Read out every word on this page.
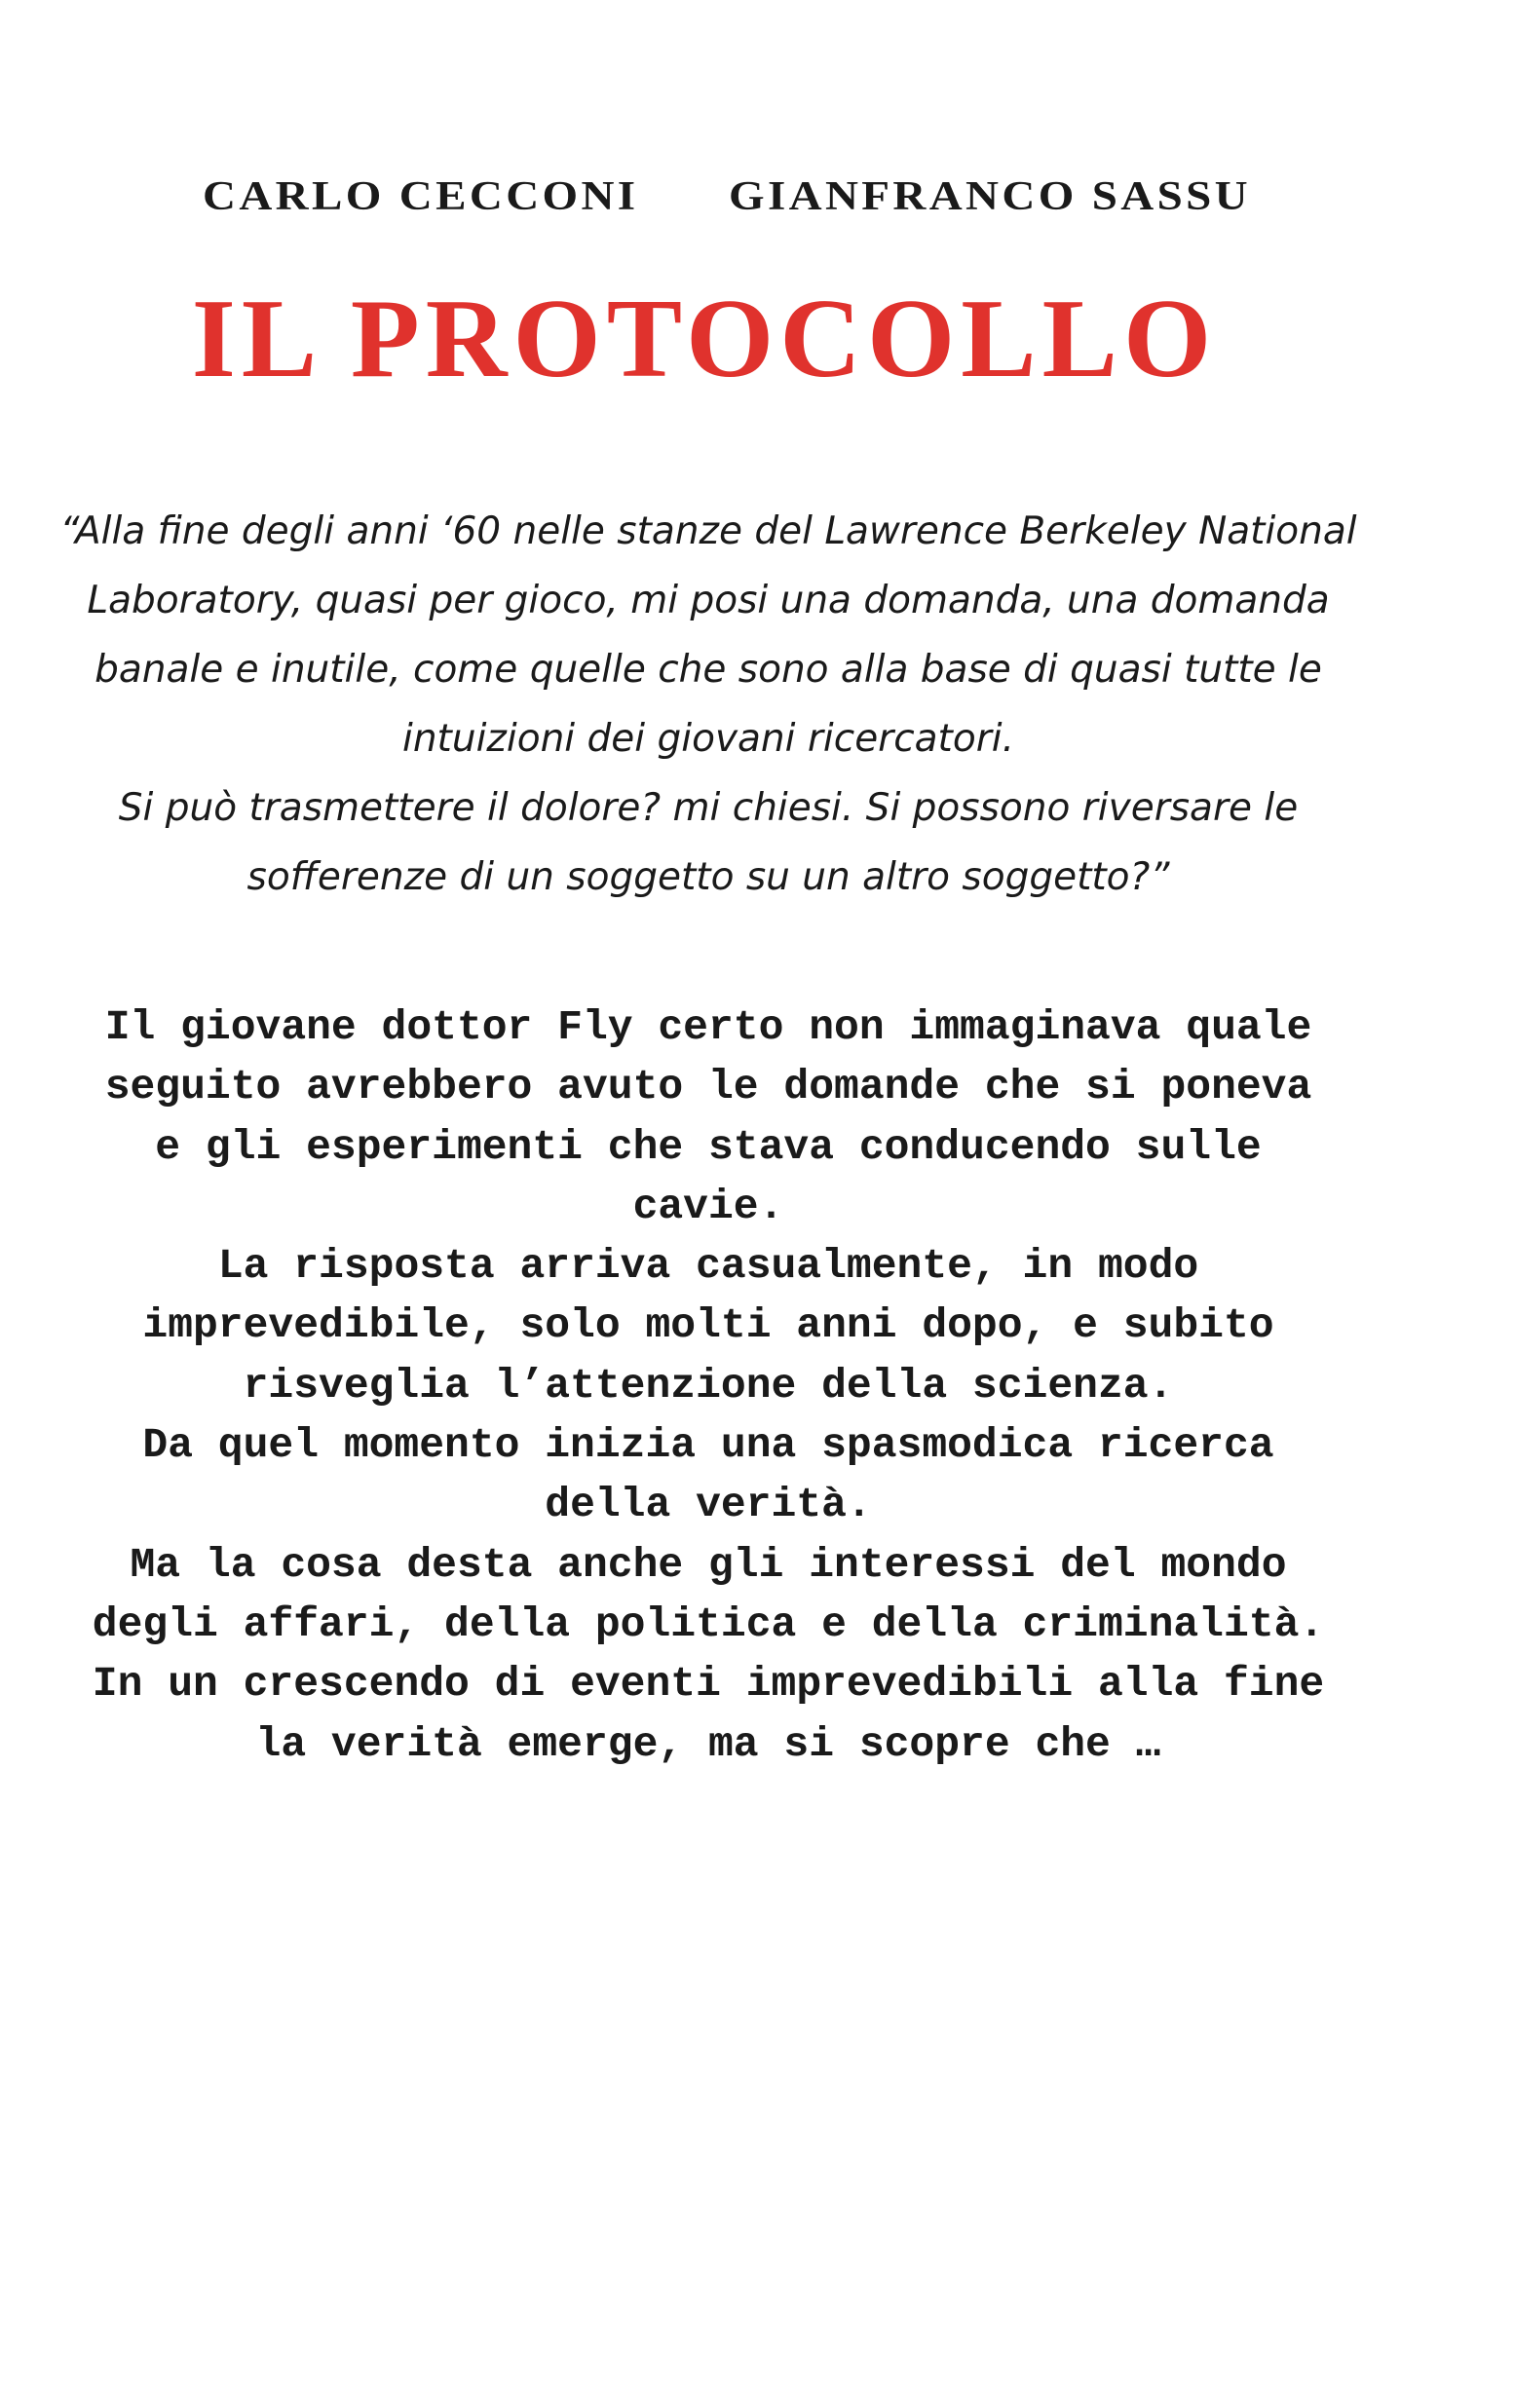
CARLO CECCONI GIANFRANCO SASSU
IL PROTOCOLLO

“Alla fine degli anni ‘60 nelle stanze del Lawrence Berkeley National
Laboratory, quasi per gioco, mi posi una domanda, una domanda
banale e inutile, come quelle che sono alla base di quasi tutte le
intuizioni dei giovani ricercatori.
Si può trasmettere il dolore? mi chiesi. Si possono riversare le
sofferenze di un soggetto su un altro soggetto?”

Il giovane dottor Fly certo non immaginava quale
seguito avrebbero avuto le domande che si poneva
e gli esperimenti che stava conducendo sulle
cavie.
La risposta arriva casualmente, in modo
imprevedibile, solo molti anni dopo, e subito
risveglia l’attenzione della scienza.
Da quel momento inizia una spasmodica ricerca
della verità.
Ma la cosa desta anche gli interessi del mondo
degli affari, della politica e della criminalità.
In un crescendo di eventi imprevedibili alla fine
la verità emerge, ma si scopre che …
